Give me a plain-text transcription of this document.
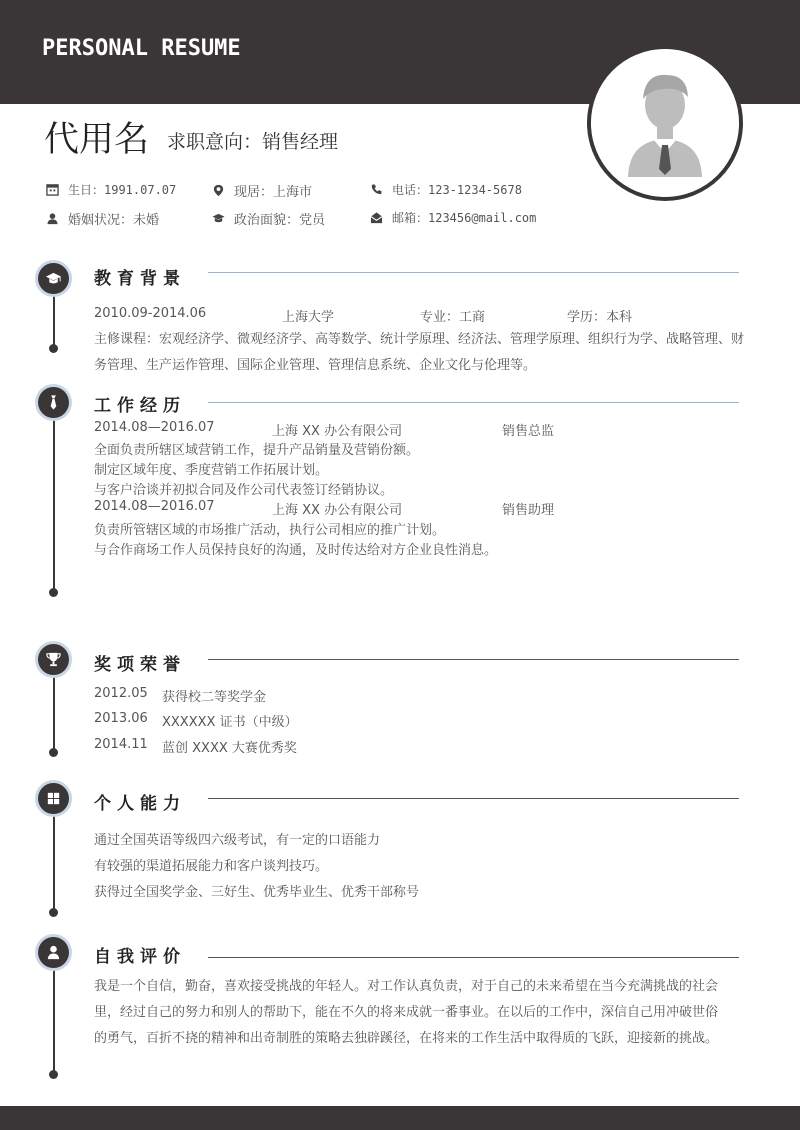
PERSONAL RESUME
代用名 求职意向：销售经理
生日：1991.07.07	现居：上海市	电话：123-1234-5678
婚姻状况：未婚	政治面貌：党员	邮箱：123456@mail.com
教育背景
2010.09-2014.06	上海大学	专业：工商	学历：本科
主修课程：宏观经济学、微观经济学、高等数学、统计学原理、经济法、管理学原理、组织行为学、战略管理、财务管理、生产运作管理、国际企业管理、管理信息系统、企业文化与伦理等。
工作经历
2014.08—2016.07	上海 XX 办公有限公司	销售总监
全面负责所辖区域营销工作，提升产品销量及营销份额。
制定区域年度、季度营销工作拓展计划。
与客户洽谈并初拟合同及作公司代表签订经销协议。
2014.08—2016.07	上海 XX 办公有限公司	销售助理
负责所管辖区域的市场推广活动，执行公司相应的推广计划。
与合作商场工作人员保持良好的沟通，及时传达给对方企业良性消息。
奖项荣誉
2012.05 获得校二等奖学金
2013.06 XXXXXX 证书（中级）
2014.11 蓝创 XXXX 大赛优秀奖
个人能力
通过全国英语等级四六级考试，有一定的口语能力
有较强的渠道拓展能力和客户谈判技巧。
获得过全国奖学金、三好生、优秀毕业生、优秀干部称号
自我评价
我是一个自信，勤奋，喜欢接受挑战的年轻人。对工作认真负责，对于自己的未来希望在当今充满挑战的社会里，经过自己的努力和别人的帮助下，能在不久的将来成就一番事业。在以后的工作中，深信自己用冲破世俗的勇气，百折不挠的精神和出奇制胜的策略去独辟蹊径，在将来的工作生活中取得质的飞跃，迎接新的挑战。
